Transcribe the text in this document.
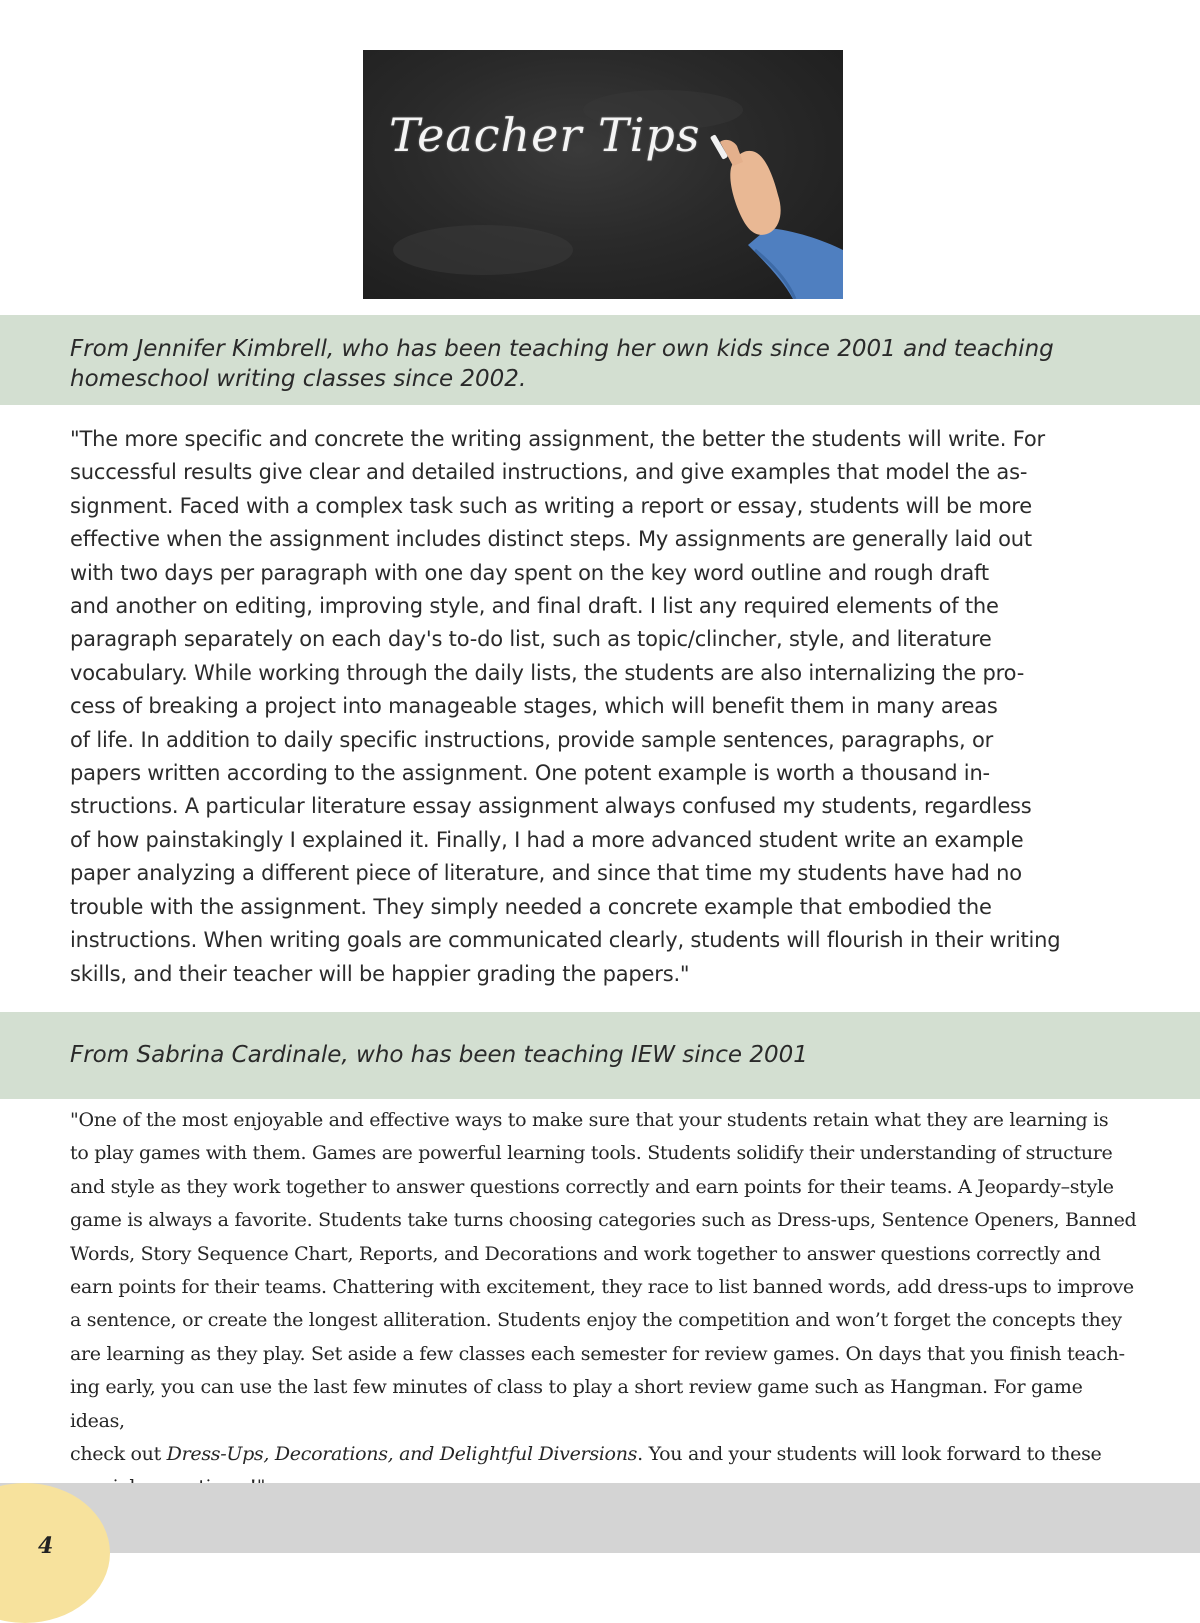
Teacher Tips
From Jennifer Kimbrell, who has been teaching her own kids since 2001 and teaching homeschool writing classes since 2002.
"The more specific and concrete the writing assignment, the better the students will write. For
successful results give clear and detailed instructions, and give examples that model the as-
signment. Faced with a complex task such as writing a report or essay, students will be more
effective when the assignment includes distinct steps. My assignments are generally laid out
with two days per paragraph with one day spent on the key word outline and rough draft
and another on editing, improving style, and final draft. I list any required elements of the
paragraph separately on each day's to-do list, such as topic/clincher, style, and literature
vocabulary. While working through the daily lists, the students are also internalizing the pro-
cess of breaking a project into manageable stages, which will benefit them in many areas
of life. In addition to daily specific instructions, provide sample sentences, paragraphs, or
papers written according to the assignment. One potent example is worth a thousand in-
structions. A particular literature essay assignment always confused my students, regardless
of how painstakingly I explained it. Finally, I had a more advanced student write an example
paper analyzing a different piece of literature, and since that time my students have had no
trouble with the assignment. They simply needed a concrete example that embodied the
instructions. When writing goals are communicated clearly, students will flourish in their writing
skills, and their teacher will be happier grading the papers."
From Sabrina Cardinale, who has been teaching IEW since 2001
"One of the most enjoyable and effective ways to make sure that your students retain what they are learning is
to play games with them. Games are powerful learning tools. Students solidify their understanding of structure
and style as they work together to answer questions correctly and earn points for their teams. A Jeopardy–style
game is always a favorite. Students take turns choosing categories such as Dress-ups, Sentence Openers, Banned
Words, Story Sequence Chart, Reports, and Decorations and work together to answer questions correctly and
earn points for their teams. Chattering with excitement, they race to list banned words, add dress-ups to improve
a sentence, or create the longest alliteration. Students enjoy the competition and won’t forget the concepts they
are learning as they play. Set aside a few classes each semester for review games. On days that you finish teach-
ing early, you can use the last few minutes of class to play a short review game such as Hangman. For game ideas,
check out Dress-Ups, Decorations, and Delightful Diversions. You and your students will look forward to these
4
